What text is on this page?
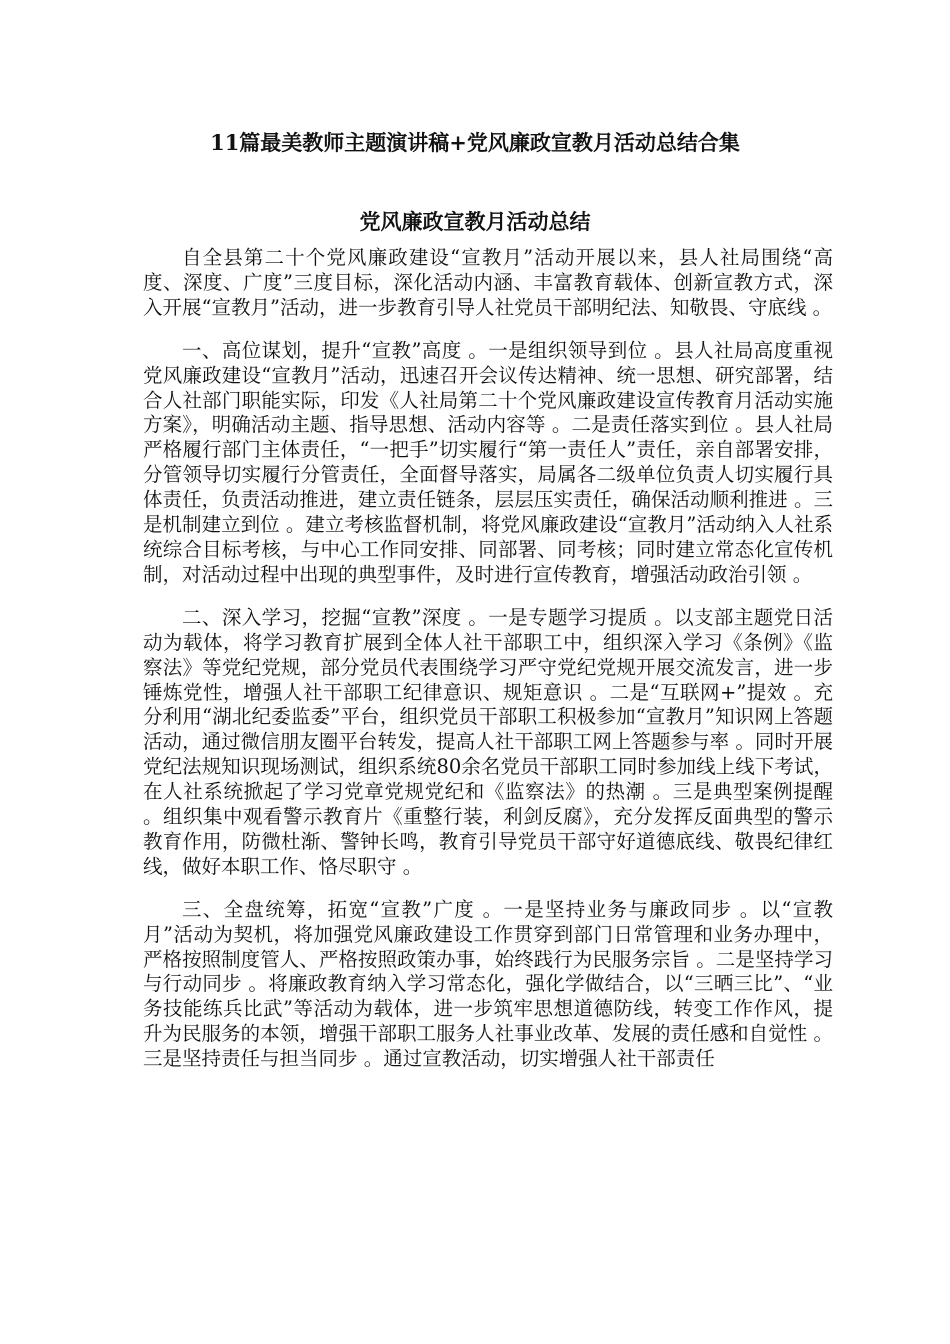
11篇最美教师主题演讲稿+党风廉政宣教月活动总结合集
党风廉政宣教月活动总结

自全县第二十个党风廉政建设“宣教月”活动开展以来，县人社局围绕“高度、深度、广度”三度目标，深化活动内涵、丰富教育载体、创新宣教方式，深入开展“宣教月”活动，进一步教育引导人社党员干部明纪法、知敬畏、守底线 。

一、高位谋划，提升“宣教”高度 。一是组织领导到位 。县人社局高度重视党风廉政建设“宣教月”活动，迅速召开会议传达精神、统一思想、研究部署，结合人社部门职能实际，印发《人社局第二十个党风廉政建设宣传教育月活动实施方案》，明确活动主题、指导思想、活动内容等 。二是责任落实到位 。县人社局严格履行部门主体责任，“一把手”切实履行“第一责任人”责任，亲自部署安排，分管领导切实履行分管责任，全面督导落实，局属各二级单位负责人切实履行具体责任，负责活动推进，建立责任链条，层层压实责任，确保活动顺利推进 。三是机制建立到位 。建立考核监督机制，将党风廉政建设“宣教月”活动纳入人社系统综合目标考核，与中心工作同安排、同部署、同考核；同时建立常态化宣传机制，对活动过程中出现的典型事件，及时进行宣传教育，增强活动政治引领 。

二、深入学习，挖掘“宣教”深度 。一是专题学习提质 。以支部主题党日活动为载体，将学习教育扩展到全体人社干部职工中，组织深入学习《条例》《监察法》等党纪党规，部分党员代表围绕学习严守党纪党规开展交流发言，进一步锤炼党性，增强人社干部职工纪律意识、规矩意识 。二是“互联网+”提效 。充分利用“湖北纪委监委”平台，组织党员干部职工积极参加“宣教月”知识网上答题活动，通过微信朋友圈平台转发，提高人社干部职工网上答题参与率 。同时开展党纪法规知识现场测试，组织系统80余名党员干部职工同时参加线上线下考试，在人社系统掀起了学习党章党规党纪和《监察法》的热潮 。三是典型案例提醒 。组织集中观看警示教育片《重整行装，利剑反腐》，充分发挥反面典型的警示教育作用，防微杜渐、警钟长鸣，教育引导党员干部守好道德底线、敬畏纪律红线，做好本职工作、恪尽职守 。

三、全盘统筹，拓宽“宣教”广度 。一是坚持业务与廉政同步 。以“宣教月”活动为契机，将加强党风廉政建设工作贯穿到部门日常管理和业务办理中，严格按照制度管人、严格按照政策办事，始终践行为民服务宗旨 。二是坚持学习与行动同步 。将廉政教育纳入学习常态化，强化学做结合，以“三晒三比”、“业务技能练兵比武”等活动为载体，进一步筑牢思想道德防线，转变工作作风，提升为民服务的本领，增强干部职工服务人社事业改革、发展的责任感和自觉性 。三是坚持责任与担当同步 。通过宣教活动，切实增强人社干部责任
